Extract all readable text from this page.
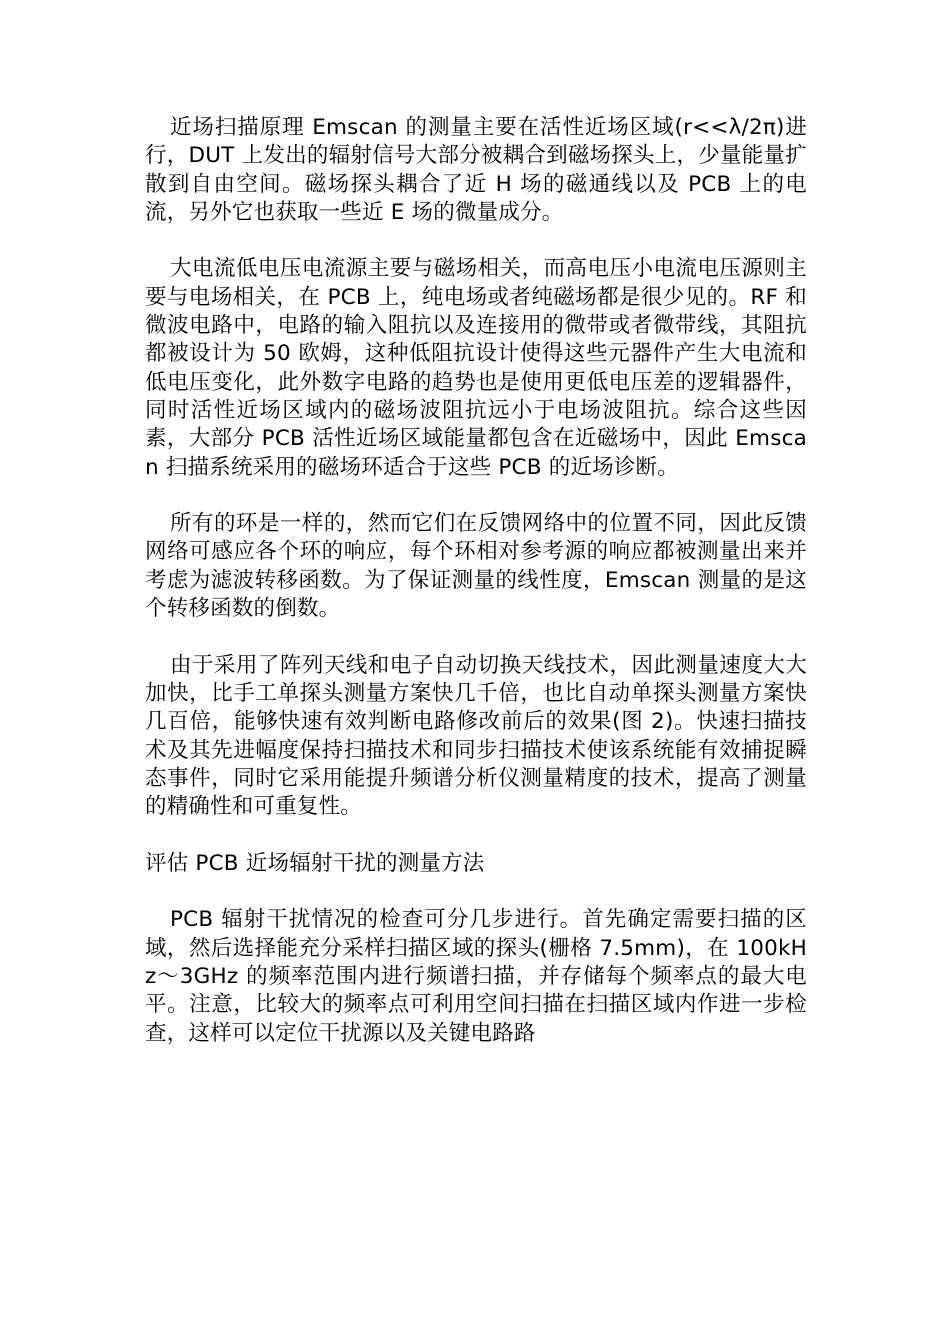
近场扫描原理 Emscan 的测量主要在活性近场区域(r<<λ/2π)进行，DUT 上发出的辐射信号大部分被耦合到磁场探头上，少量能量扩散到自由空间。磁场探头耦合了近 H 场的磁通线以及 PCB 上的电流，另外它也获取一些近 E 场的微量成分。

大电流低电压电流源主要与磁场相关，而高电压小电流电压源则主要与电场相关，在 PCB 上，纯电场或者纯磁场都是很少见的。RF 和微波电路中，电路的输入阻抗以及连接用的微带或者微带线，其阻抗都被设计为 50 欧姆，这种低阻抗设计使得这些元器件产生大电流和低电压变化，此外数字电路的趋势也是使用更低电压差的逻辑器件，同时活性近场区域内的磁场波阻抗远小于电场波阻抗。综合这些因素，大部分 PCB 活性近场区域能量都包含在近磁场中，因此 Emscan 扫描系统采用的磁场环适合于这些 PCB 的近场诊断。

所有的环是一样的，然而它们在反馈网络中的位置不同，因此反馈网络可感应各个环的响应，每个环相对参考源的响应都被测量出来并考虑为滤波转移函数。为了保证测量的线性度，Emscan 测量的是这个转移函数的倒数。

由于采用了阵列天线和电子自动切换天线技术，因此测量速度大大加快，比手工单探头测量方案快几千倍，也比自动单探头测量方案快几百倍，能够快速有效判断电路修改前后的效果(图 2)。快速扫描技术及其先进幅度保持扫描技术和同步扫描技术使该系统能有效捕捉瞬态事件，同时它采用能提升频谱分析仪测量精度的技术，提高了测量的精确性和可重复性。

评估 PCB 近场辐射干扰的测量方法

PCB 辐射干扰情况的检查可分几步进行。首先确定需要扫描的区域，然后选择能充分采样扫描区域的探头(栅格 7.5mm)，在 100kHz～3GHz 的频率范围内进行频谱扫描，并存储每个频率点的最大电平。注意，比较大的频率点可利用空间扫描在扫描区域内作进一步检查，这样可以定位干扰源以及关键电路路
